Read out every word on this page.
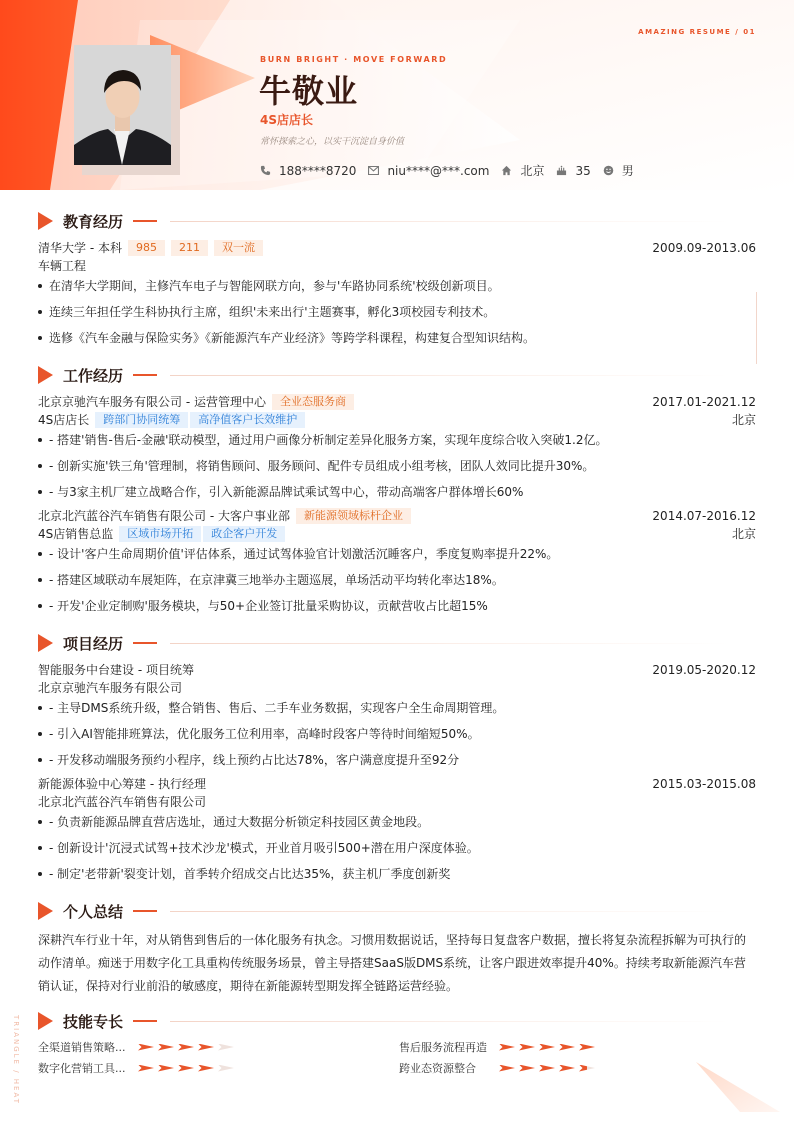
AMAZING RESUME / 01
BURN BRIGHT · MOVE FORWARD
牛敬业
4S店店长
常怀探索之心，以实干沉淀自身价值
188****8720	niu****@***.com	北京	35	男
教育经历
清华大学 - 本科	985	211	双一流	2009.09-2013.06
车辆工程
在清华大学期间，主修汽车电子与智能网联方向，参与'车路协同系统'校级创新项目。
连续三年担任学生科协执行主席，组织'未来出行'主题赛事，孵化3项校园专利技术。
选修《汽车金融与保险实务》《新能源汽车产业经济》等跨学科课程，构建复合型知识结构。
工作经历
北京京驰汽车服务有限公司 - 运营管理中心	全业态服务商	2017.01-2021.12
4S店店长	跨部门协同统筹	高净值客户长效维护	北京
- 搭建'销售-售后-金融'联动模型，通过用户画像分析制定差异化服务方案，实现年度综合收入突破1.2亿。
- 创新实施'铁三角'管理制，将销售顾问、服务顾问、配件专员组成小组考核，团队人效同比提升30%。
- 与3家主机厂建立战略合作，引入新能源品牌试乘试驾中心，带动高端客户群体增长60%
北京北汽蓝谷汽车销售有限公司 - 大客户事业部	新能源领域标杆企业	2014.07-2016.12
4S店销售总监	区域市场开拓	政企客户开发	北京
- 设计'客户生命周期价值'评估体系，通过试驾体验官计划激活沉睡客户，季度复购率提升22%。
- 搭建区域联动车展矩阵，在京津冀三地举办主题巡展，单场活动平均转化率达18%。
- 开发'企业定制购'服务模块，与50+企业签订批量采购协议，贡献营收占比超15%
项目经历
智能服务中台建设 - 项目统筹	2019.05-2020.12
北京京驰汽车服务有限公司
- 主导DMS系统升级，整合销售、售后、二手车业务数据，实现客户全生命周期管理。
- 引入AI智能排班算法，优化服务工位利用率，高峰时段客户等待时间缩短50%。
- 开发移动端服务预约小程序，线上预约占比达78%，客户满意度提升至92分
新能源体验中心筹建 - 执行经理	2015.03-2015.08
北京北汽蓝谷汽车销售有限公司
- 负责新能源品牌直营店选址，通过大数据分析锁定科技园区黄金地段。
- 创新设计'沉浸式试驾+技术沙龙'模式，开业首月吸引500+潜在用户深度体验。
- 制定'老带新'裂变计划，首季转介绍成交占比达35%，获主机厂季度创新奖
个人总结
深耕汽车行业十年，对从销售到售后的一体化服务有执念。习惯用数据说话，坚持每日复盘客户数据，擅长将复杂流程拆解为可执行的动作清单。痴迷于用数字化工具重构传统服务场景，曾主导搭建SaaS版DMS系统，让客户跟进效率提升40%。持续考取新能源汽车营销认证，保持对行业前沿的敏感度，期待在新能源转型期发挥全链路运营经验。
技能专长
全渠道销售策略...	售后服务流程再造
数字化营销工具...	跨业态资源整合
TRIANGLE / HEAT
